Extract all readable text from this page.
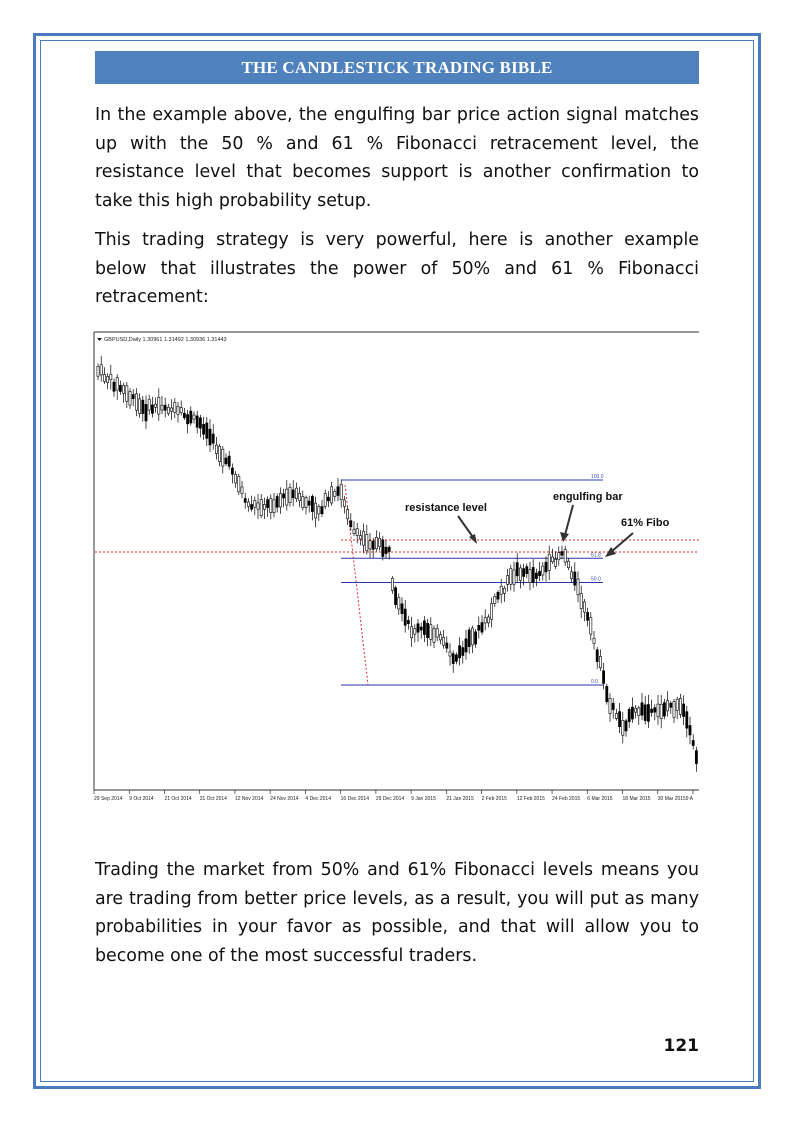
THE CANDLESTICK TRADING BIBLE

In the example above, the engulfing bar price action signal matches up with the 50 % and 61 % Fibonacci retracement level, the resistance level that becomes support is another confirmation to take this high probability setup.

This trading strategy is very powerful, here is another example below that illustrates the power of 50% and 61 % Fibonacci retracement:

GBPUSD,Daily 1.30961 1.31492 1.30936 1.31443
100.0
61.8
50.0
0.0
29 Sep 2014 9 Oct 2014 21 Oct 2014 31 Oct 2014 12 Nov 2014 24 Nov 2014 4 Dec 2014 16 Dec 2014 29 Dec 2014 9 Jan 2015 21 Jan 2015 2 Feb 2015 12 Feb 2015 24 Feb 2015 6 Mar 2015 18 Mar 2015 30 Mar 2015 9 A
resistance level
engulfing bar
61% Fibo

Trading the market from 50% and 61% Fibonacci levels means you are trading from better price levels, as a result, you will put as many probabilities in your favor as possible, and that will allow you to become one of the most successful traders.

121
